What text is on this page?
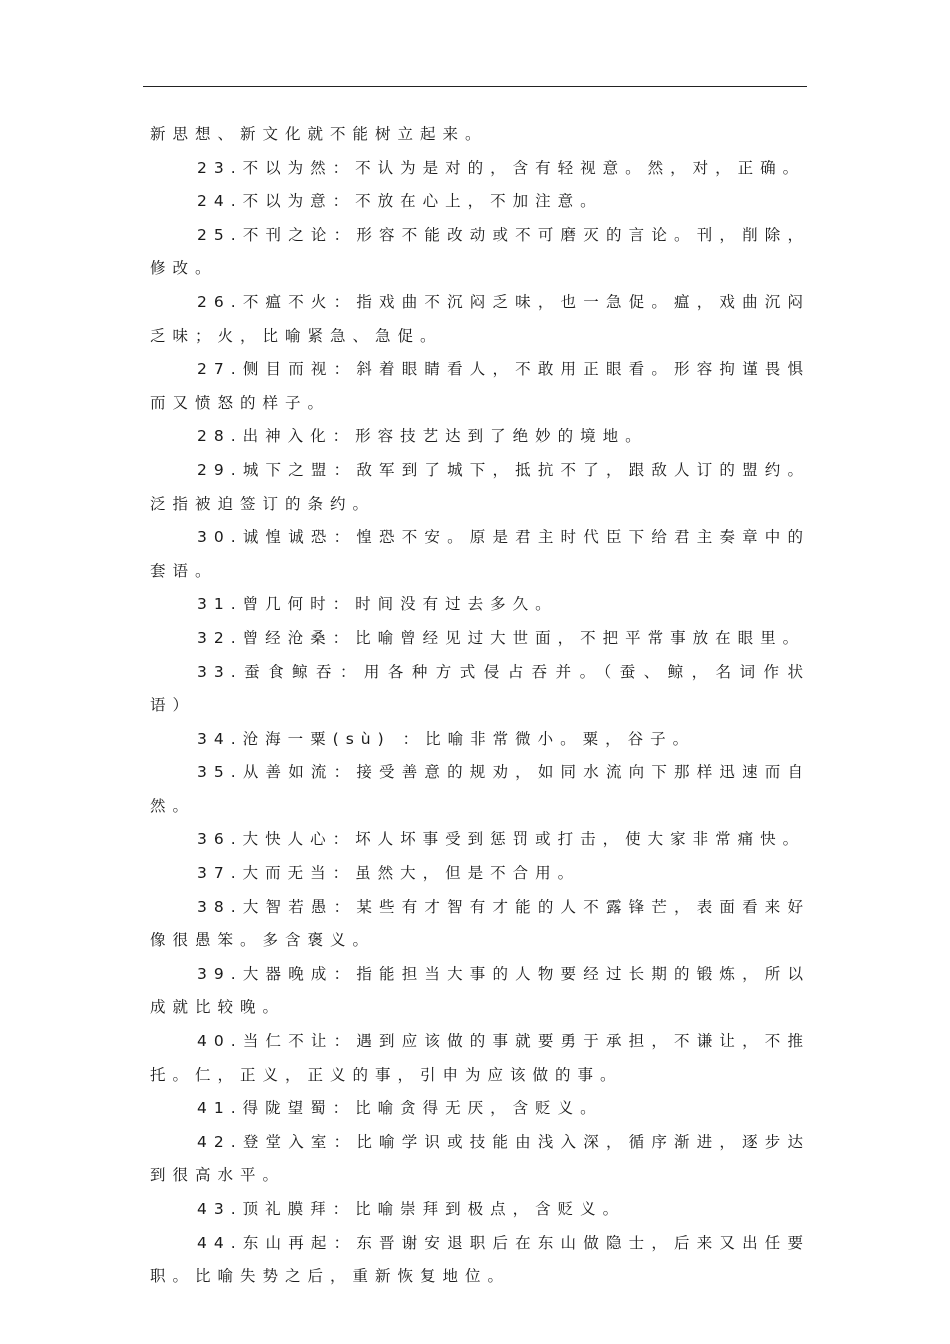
新思想、新文化就不能树立起来。

23.不以为然：不认为是对的，含有轻视意。然，对，正确。

24.不以为意：不放在心上，不加注意。

25.不刊之论：形容不能改动或不可磨灭的言论。刊，削除，修改。

26.不瘟不火：指戏曲不沉闷乏味，也一急促。瘟，戏曲沉闷乏味；火，比喻紧急、急促。

27.侧目而视：斜着眼睛看人，不敢用正眼看。形容拘谨畏惧而又愤怒的样子。

28.出神入化：形容技艺达到了绝妙的境地。

29.城下之盟：敌军到了城下，抵抗不了，跟敌人订的盟约。泛指被迫签订的条约。

30.诚惶诚恐：惶恐不安。原是君主时代臣下给君主奏章中的套语。

31.曾几何时：时间没有过去多久。

32.曾经沧桑：比喻曾经见过大世面，不把平常事放在眼里。

33.蚕食鲸吞：用各种方式侵占吞并。（蚕、鲸，名词作状语）

34.沧海一粟(sù) ：比喻非常微小。粟，谷子。

35.从善如流：接受善意的规劝，如同水流向下那样迅速而自然。

36.大快人心：坏人坏事受到惩罚或打击，使大家非常痛快。

37.大而无当：虽然大，但是不合用。

38.大智若愚：某些有才智有才能的人不露锋芒，表面看来好像很愚笨。多含褒义。

39.大器晚成：指能担当大事的人物要经过长期的锻炼，所以成就比较晚。

40.当仁不让：遇到应该做的事就要勇于承担，不谦让，不推托。仁，正义，正义的事，引申为应该做的事。

41.得陇望蜀：比喻贪得无厌，含贬义。

42.登堂入室：比喻学识或技能由浅入深，循序渐进，逐步达到很高水平。

43.顶礼膜拜：比喻崇拜到极点，含贬义。

44.东山再起：东晋谢安退职后在东山做隐士，后来又出任要职。比喻失势之后，重新恢复地位。
